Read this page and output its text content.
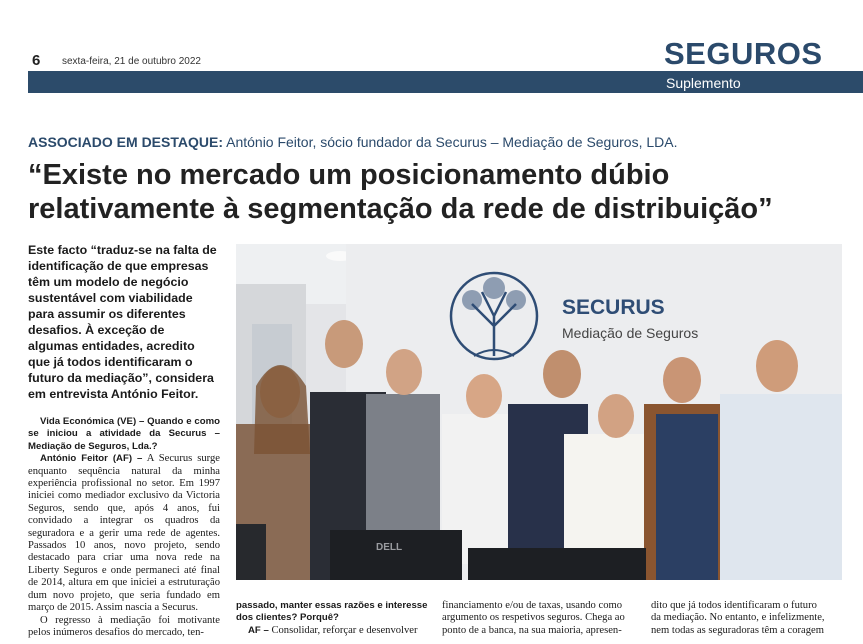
6 sexta-feira, 21 de outubro 2022	SEGUROS
Suplemento
ASSOCIADO EM DESTAQUE: António Feitor, sócio fundador da Securus – Mediação de Seguros, LDA.
“Existe no mercado um posicionamento dúbio
relativamente à segmentação da rede de distribuição”
Este facto “traduz-se na falta de identificação de que empresas têm um modelo de negócio sustentável com viabilidade para assumir os diferentes desafios. À exceção de algumas entidades, acredito que já todos identificaram o futuro da mediação”, considera em entrevista António Feitor.

Vida Económica (VE) – Quando e como se iniciou a atividade da Securus – Mediação de Seguros, Lda.?

António Feitor (AF) – A Securus surge enquanto sequência natural da minha experiência profissional no setor. Em 1997 iniciei como mediador exclusivo da Victoria Seguros, sendo que, após 4 anos, fui convidado a integrar os quadros da seguradora e a gerir uma rede de agentes. Passados 10 anos, novo projeto, sendo destacado para criar uma nova rede na Liberty Seguros e onde permaneci até final de 2014, altura em que iniciei a estruturação dum novo projeto, que seria fundado em março de 2015. Assim nascia a Securus.

O regresso à mediação foi motivante pelos inúmeros desafios do mercado, ten-

SECURUS
Mediação de Seguros
DELL
passado, manter essas razões e interesse
dos clientes? Porquê?
AF – Consolidar, reforçar e desenvolver
financiamento e/ou de taxas, usando como
argumento os respetivos seguros. Chega ao
ponto de a banca, na sua maioria, apresen-
dito que já todos identificaram o futuro
da mediação. No entanto, e infelizmente,
nem todas as seguradoras têm a coragem
